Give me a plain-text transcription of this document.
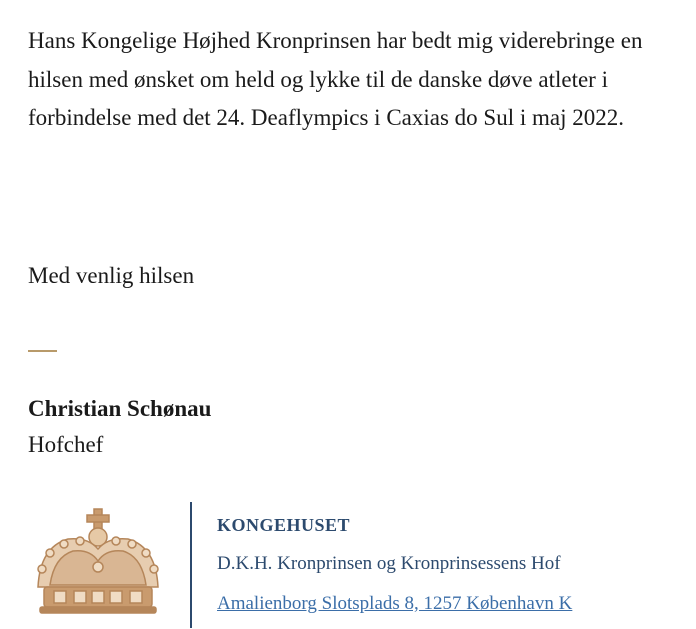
Hans Kongelige Højhed Kronprinsen har bedt mig viderebringe en hilsen med ønsket om held og lykke til de danske døve atleter i forbindelse med det 24. Deaflympics i Caxias do Sul i maj 2022.

Med venlig hilsen

Christian Schønau
Hofchef
KONGEHUSET
D.K.H. Kronprinsen og Kronprinsessens Hof
Amalienborg Slotsplads 8, 1257 København K
